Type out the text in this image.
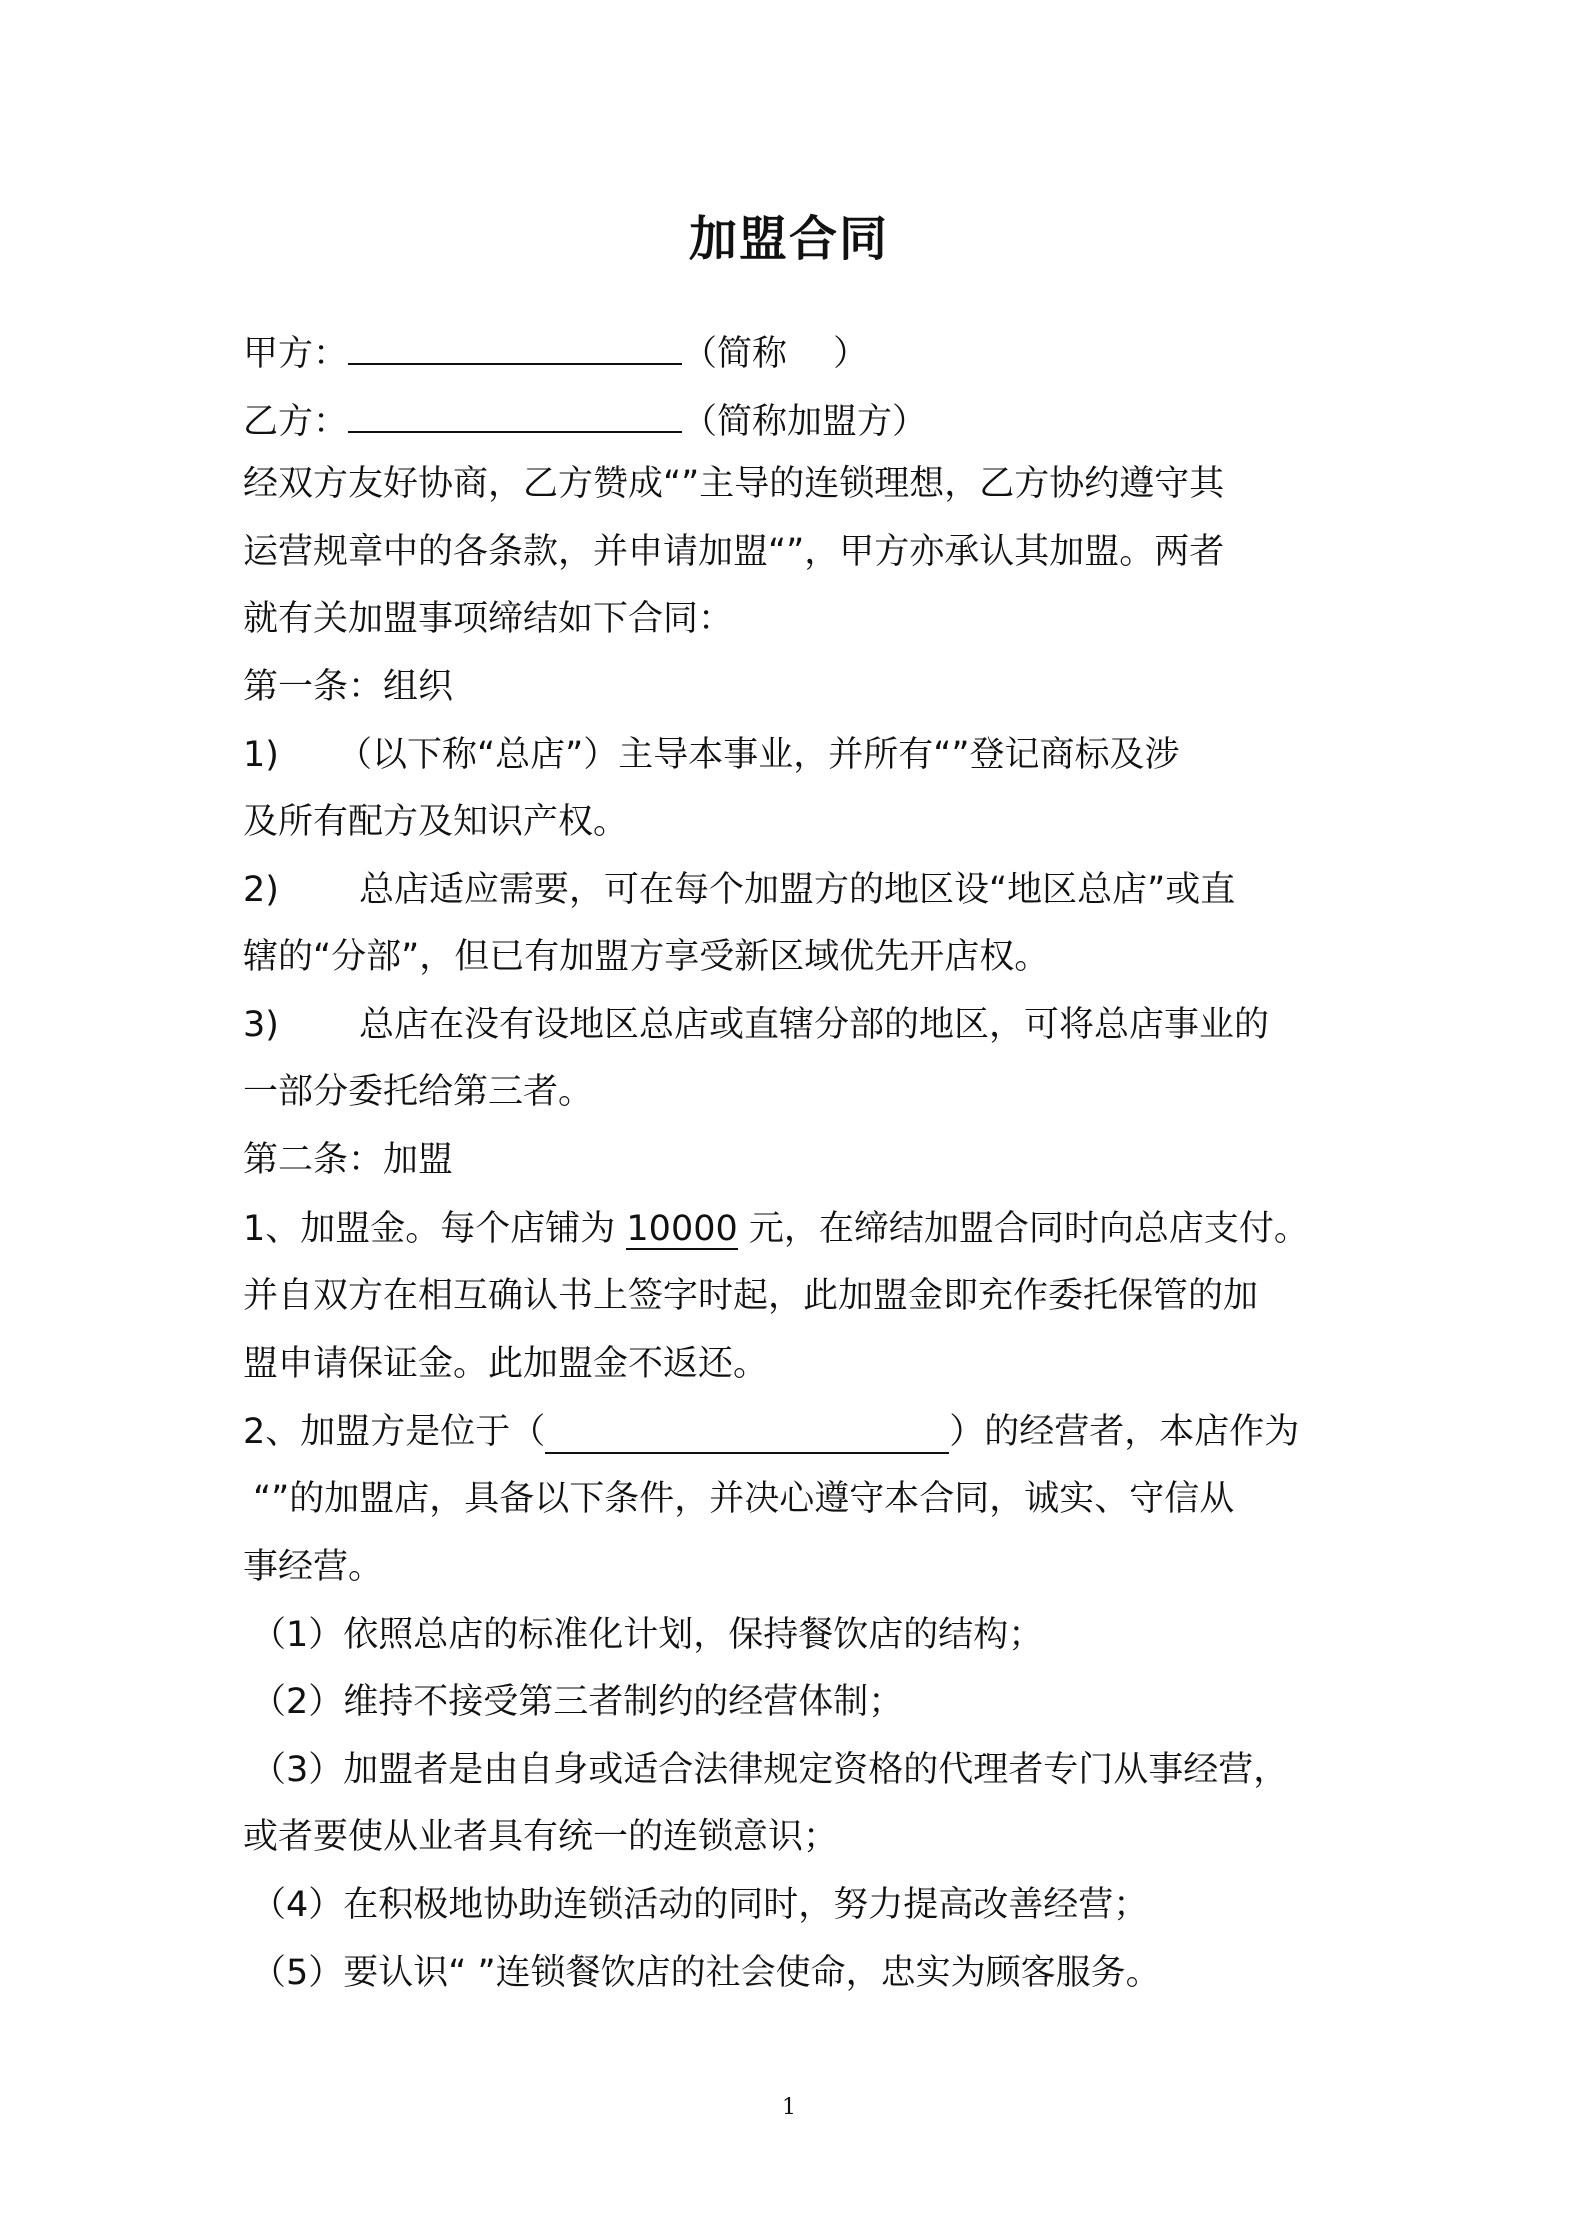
加盟合同
甲方：	（简称　 ）
乙方：	（简称加盟方）
经双方友好协商，乙方赞成“”主导的连锁理想，乙方协约遵守其
运营规章中的各条款，并申请加盟“”，甲方亦承认其加盟。两者
就有关加盟事项缔结如下合同：
第一条：组织
1) （以下称“总店”）主导本事业，并所有“”登记商标及涉
及所有配方及知识产权。
2) 总店适应需要，可在每个加盟方的地区设“地区总店”或直
辖的“分部”，但已有加盟方享受新区域优先开店权。
3) 总店在没有设地区总店或直辖分部的地区，可将总店事业的
一部分委托给第三者。
第二条：加盟
1、加盟金。每个店铺为 10000 元，在缔结加盟合同时向总店支付。
并自双方在相互确认书上签字时起，此加盟金即充作委托保管的加
盟申请保证金。此加盟金不返还。
2、加盟方是位于（	）的经营者，本店作为
“”的加盟店，具备以下条件，并决心遵守本合同，诚实、守信从
事经营。
（1）依照总店的标准化计划，保持餐饮店的结构；
（2）维持不接受第三者制约的经营体制；
（3）加盟者是由自身或适合法律规定资格的代理者专门从事经营，
或者要使从业者具有统一的连锁意识；
（4）在积极地协助连锁活动的同时，努力提高改善经营；
（5）要认识“ ”连锁餐饮店的社会使命，忠实为顾客服务。
1
